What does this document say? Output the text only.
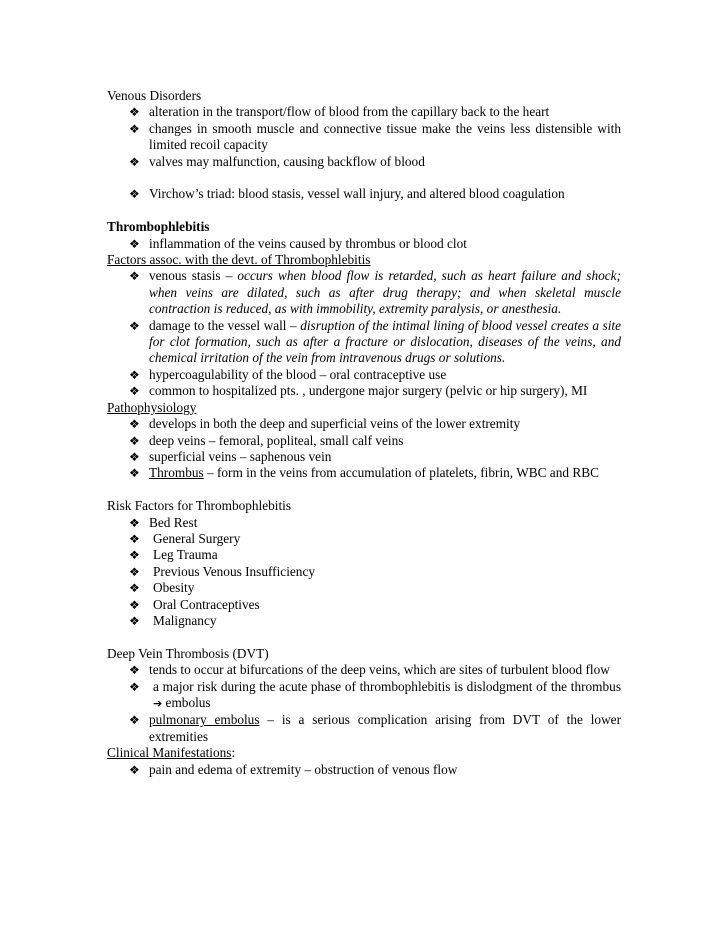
Venous Disorders
❖ alteration in the transport/flow of blood from the capillary back to the heart
❖ changes in smooth muscle and connective tissue make the veins less distensible with limited recoil capacity
❖ valves may malfunction, causing backflow of blood
❖ Virchow’s triad: blood stasis, vessel wall injury, and altered blood coagulation
Thrombophlebitis
❖ inflammation of the veins caused by thrombus or blood clot
Factors assoc. with the devt. of Thrombophlebitis
❖ venous stasis – occurs when blood flow is retarded, such as heart failure and shock; when veins are dilated, such as after drug therapy; and when skeletal muscle contraction is reduced, as with immobility, extremity paralysis, or anesthesia.
❖ damage to the vessel wall – disruption of the intimal lining of blood vessel creates a site for clot formation, such as after a fracture or dislocation, diseases of the veins, and chemical irritation of the vein from intravenous drugs or solutions.
❖ hypercoagulability of the blood – oral contraceptive use
❖ common to hospitalized pts. , undergone major surgery (pelvic or hip surgery), MI
Pathophysiology
❖ develops in both the deep and superficial veins of the lower extremity
❖ deep veins – femoral, popliteal, small calf veins
❖ superficial veins – saphenous vein
❖ Thrombus – form in the veins from accumulation of platelets, fibrin, WBC and RBC
Risk Factors for Thrombophlebitis
❖ Bed Rest
❖ General Surgery
❖ Leg Trauma
❖ Previous Venous Insufficiency
❖ Obesity
❖ Oral Contraceptives
❖ Malignancy
Deep Vein Thrombosis (DVT)
❖ tends to occur at bifurcations of the deep veins, which are sites of turbulent blood flow
❖ a major risk during the acute phase of thrombophlebitis is dislodgment of the thrombus ➔ embolus
❖ pulmonary embolus – is a serious complication arising from DVT of the lower extremities
Clinical Manifestations:
❖ pain and edema of extremity – obstruction of venous flow
